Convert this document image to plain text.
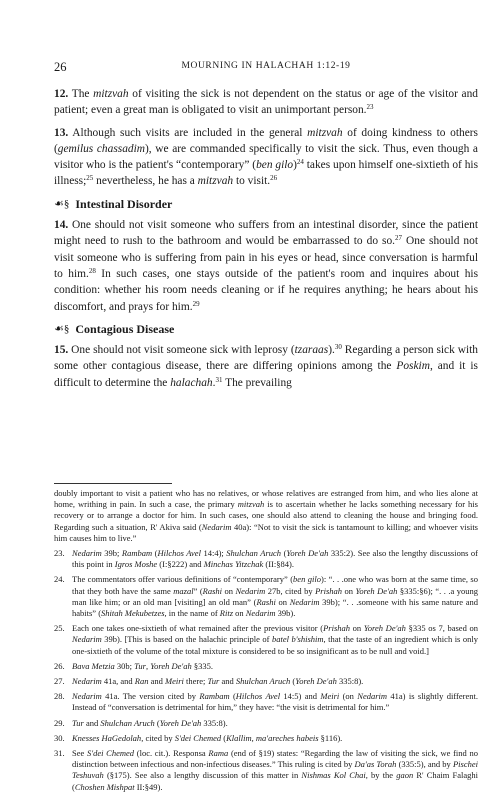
26	MOURNING IN HALACHAH 1:12-19

12. The mitzvah of visiting the sick is not dependent on the status or age of the visitor and patient; even a great man is obligated to visit an unimportant person.$^{23}$

13. Although such visits are included in the general mitzvah of doing kindness to others (gemilus chassadim), we are commanded specifically to visit the sick. Thus, even though a visitor who is the patient's “contemporary” (ben gilo)$^{24}$ takes upon himself one-sixtieth of his illness;$^{25}$ nevertheless, he has a mitzvah to visit.$^{26}$

☙§ Intestinal Disorder

14. One should not visit someone who suffers from an intestinal disorder, since the patient might need to rush to the bathroom and would be embarrassed to do so.$^{27}$ One should not visit someone who is suffering from pain in his eyes or head, since conversation is harmful to him.$^{28}$ In such cases, one stays outside of the patient's room and inquires about his condition: whether his room needs cleaning or if he requires anything; he hears about his discomfort, and prays for him.$^{29}$

☙§ Contagious Disease

15. One should not visit someone sick with leprosy (tzaraas).$^{30}$ Regarding a person sick with some other contagious disease, there are differing opinions among the Poskim, and it is difficult to determine the halachah.$^{31}$ The prevailing

doubly important to visit a patient who has no relatives, or whose relatives are estranged from him, and who lies alone at home, writhing in pain. In such a case, the primary mitzvah is to ascertain whether he lacks something necessary for his recovery or to arrange a doctor for him. In such cases, one should also attend to cleaning the house and bringing food. Regarding such a situation, R' Akiva said (Nedarim 40a): “Not to visit the sick is tantamount to killing; and whoever visits him causes him to live.”

23. Nedarim 39b; Rambam (Hilchos Avel 14:4); Shulchan Aruch (Yoreh De'ah 335:2). See also the lengthy discussions of this point in Igros Moshe (I:§222) and Minchas Yitzchak (II:§84).
24. The commentators offer various definitions of “contemporary” (ben gilo): “. . .one who was born at the same time, so that they both have the same mazal” (Rashi on Nedarim 27b, cited by Prishah on Yoreh De'ah §335:§6); “. . .a young man like him; or an old man [visiting] an old man” (Rashi on Nedarim 39b); “. . .someone with his same nature and habits” (Shitah Mekubetzes, in the name of Ritz on Nedarim 39b).
25. Each one takes one-sixtieth of what remained after the previous visitor (Prishah on Yoreh De'ah §335 os 7, based on Nedarim 39b). [This is based on the halachic principle of batel b'shishim, that the taste of an ingredient which is only one-sixtieth of the volume of the total mixture is considered to be so insignificant as to be null and void.]
26. Bava Metzia 30b; Tur, Yoreh De'ah §335.
27. Nedarim 41a, and Ran and Meiri there; Tur and Shulchan Aruch (Yoreh De'ah 335:8).
28. Nedarim 41a. The version cited by Rambam (Hilchos Avel 14:5) and Meiri (on Nedarim 41a) is slightly different. Instead of “conversation is detrimental for him,” they have: “the visit is detrimental for him.”
29. Tur and Shulchan Aruch (Yoreh De'ah 335:8).
30. Knesses HaGedolah, cited by S'dei Chemed (Klallim, ma'areches habeis §116).
31. See S'dei Chemed (loc. cit.). Responsa Rama (end of §19) states: “Regarding the law of visiting the sick, we find no distinction between infectious and non-infectious diseases.” This ruling is cited by Da'as Torah (335:5), and by Pischei Teshuvah (§175). See also a lengthy discussion of this matter in Nishmas Kol Chai, by the gaon R' Chaim Falaghi (Choshen Mishpat II:§49).
